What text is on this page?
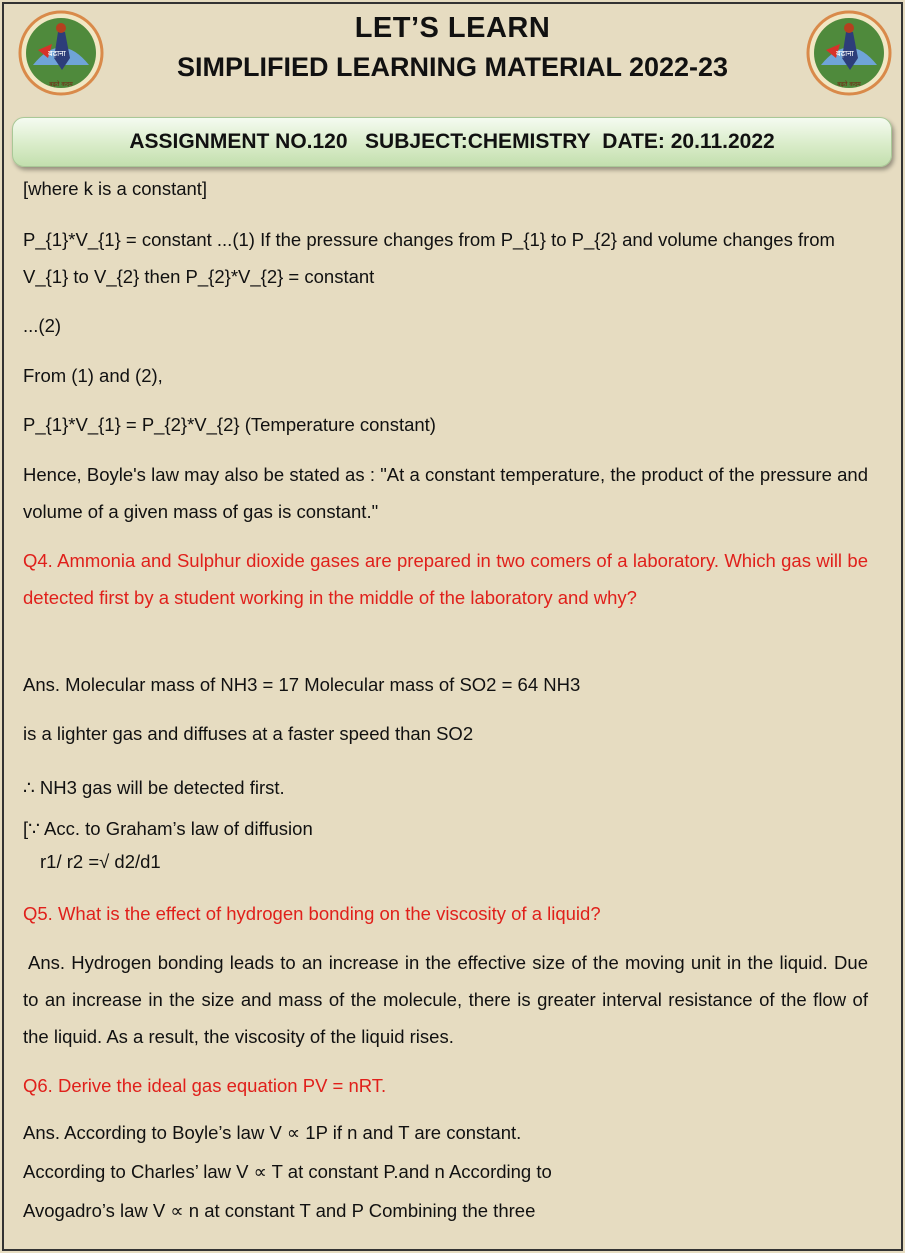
बढ़ाना
बढ़ते कदम
बढ़ाना
बढ़ते कदम
LET’S LEARN
SIMPLIFIED LEARNING MATERIAL 2022-23
ASSIGNMENT NO.120
SUBJECT:CHEMISTRY
DATE: 20.11.2022

[where k is a constant]

P_{1}*V_{1} = constant ...(1) If the pressure changes from P_{1} to P_{2} and volume changes from V_{1} to V_{2} then P_{2}*V_{2} = constant

...(2)

From (1) and (2),

P_{1}*V_{1} = P_{2}*V_{2} (Temperature constant)

Hence, Boyle's law may also be stated as : "At a constant temperature, the product of the pressure and volume of a given mass of gas is constant."

Q4. Ammonia and Sulphur dioxide gases are prepared in two comers of a laboratory. Which gas will be detected first by a student working in the middle of the laboratory and why?

Ans. Molecular mass of NH3 = 17 Molecular mass of SO2 = 64 NH3

is a lighter gas and diffuses at a faster speed than SO2

∴ NH3 gas will be detected first.

[∵ Acc. to Graham’s law of diffusion

r1/ r2 =√ d2/d1

Q5. What is the effect of hydrogen bonding on the viscosity of a liquid?

Ans. Hydrogen bonding leads to an increase in the effective size of the moving unit in the liquid. Due to an increase in the size and mass of the molecule, there is greater interval resistance of the flow of the liquid. As a result, the viscosity of the liquid rises.

Q6. Derive the ideal gas equation PV = nRT.

Ans. According to Boyle’s law V ∝ 1P if n and T are constant.

According to Charles’ law V ∝ T at constant P.and n According to

Avogadro’s law V ∝ n at constant T and P Combining the three
